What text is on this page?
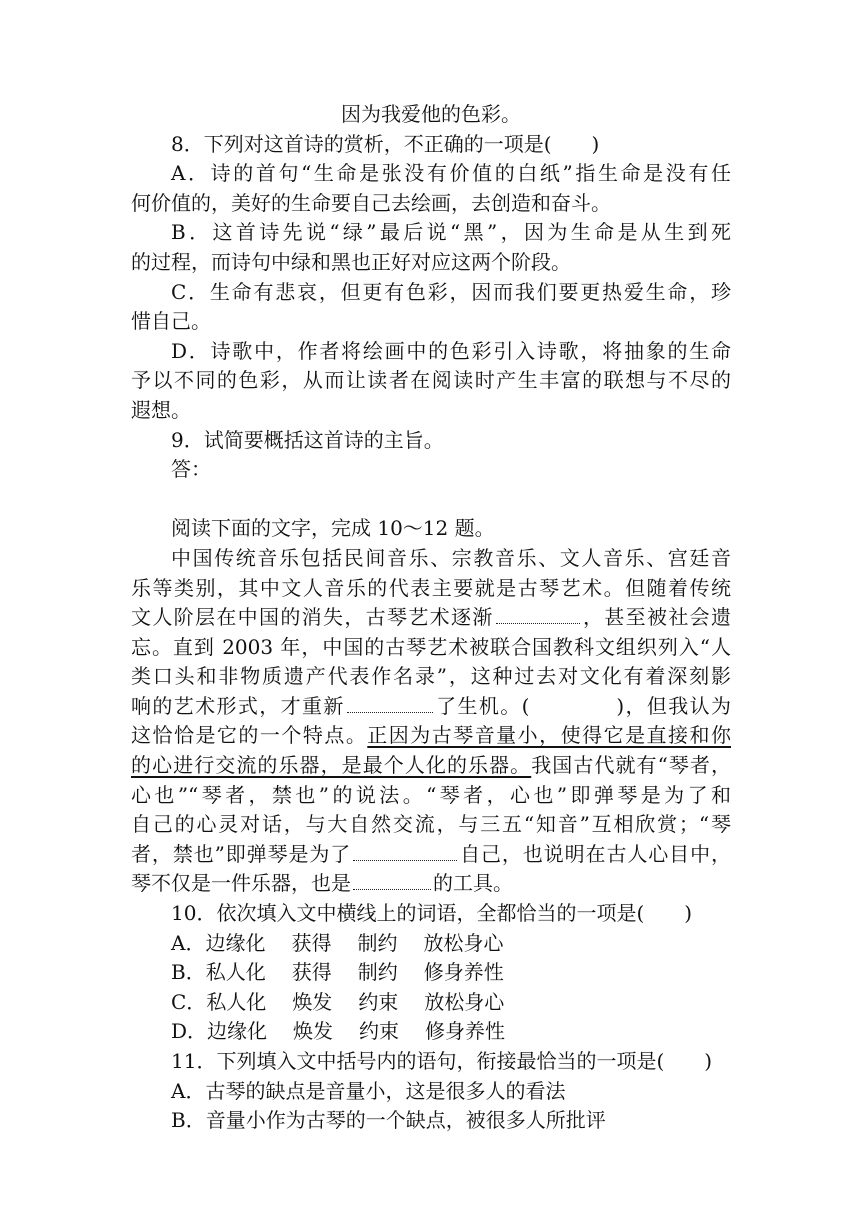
因为我爱他的色彩。
8．下列对这首诗的赏析，不正确的一项是(　　)
A．诗的首句“生命是张没有价值的白纸”指生命是没有任
何价值的，美好的生命要自己去绘画，去创造和奋斗。
B．这首诗先说“绿”最后说“黑”，因为生命是从生到死
的过程，而诗句中绿和黑也正好对应这两个阶段。
C．生命有悲哀，但更有色彩，因而我们要更热爱生命，珍
惜自己。
D．诗歌中，作者将绘画中的色彩引入诗歌，将抽象的生命
予以不同的色彩，从而让读者在阅读时产生丰富的联想与不尽的
遐想。
9．试简要概括这首诗的主旨。
答：
阅读下面的文字，完成 10～12 题。
中国传统音乐包括民间音乐、宗教音乐、文人音乐、宫廷音
乐等类别，其中文人音乐的代表主要就是古琴艺术。但随着传统
文人阶层在中国的消失，古琴艺术逐渐	，甚至被社会遗
忘。直到 2003 年，中国的古琴艺术被联合国教科文组织列入“人
类口头和非物质遗产代表作名录”，这种过去对文化有着深刻影
响的艺术形式，才重新	了生机。(　　　　)，但我认为
这恰恰是它的一个特点。正因为古琴音量小，使得它是直接和你
的心进行交流的乐器，是最个人化的乐器。我国古代就有“琴者，
心也”“琴者，禁也”的说法。“琴者，心也”即弹琴是为了和
自己的心灵对话，与大自然交流，与三五“知音”互相欣赏；“琴
者，禁也”即弹琴是为了	自己，也说明在古人心目中，
琴不仅是一件乐器，也是	的工具。
10．依次填入文中横线上的词语，全都恰当的一项是(　　)
A．边缘化 获得 制约 放松身心
B．私人化 获得 制约 修身养性
C．私人化 焕发 约束 放松身心
D．边缘化 焕发 约束 修身养性
11．下列填入文中括号内的语句，衔接最恰当的一项是(　　)
A．古琴的缺点是音量小，这是很多人的看法
B．音量小作为古琴的一个缺点，被很多人所批评
